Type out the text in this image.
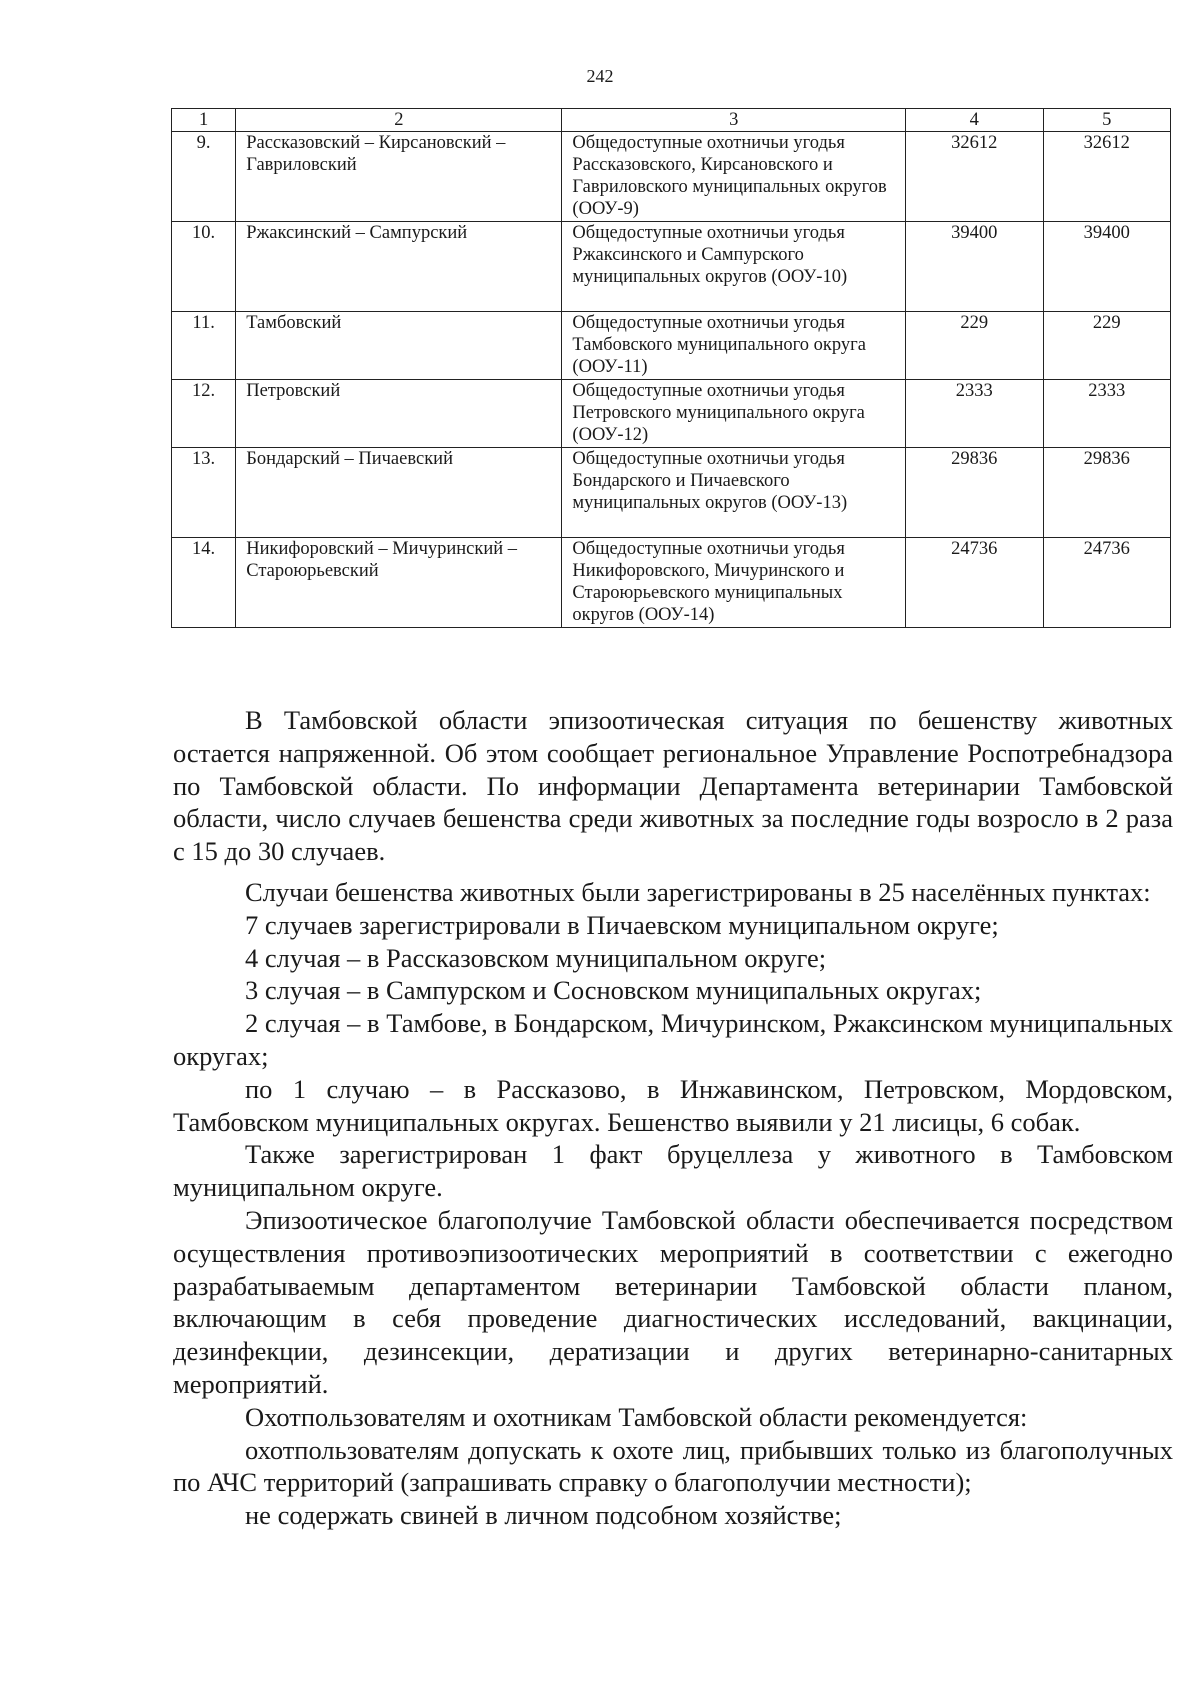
242
1	2	3	4	5
9.	Рассказовский – Кирсановский – Гавриловский	Общедоступные охотничьи угодья Рассказовского, Кирсановского и Гавриловского муниципальных округов (ООУ-9)	32612	32612
10.	Ржаксинский – Сампурский	Общедоступные охотничьи угодья Ржаксинского и Сампурского муниципальных округов (ООУ-10)	39400	39400
11.	Тамбовский	Общедоступные охотничьи угодья Тамбовского муниципального округа (ООУ-11)	229	229
12.	Петровский	Общедоступные охотничьи угодья Петровского муниципального округа (ООУ-12)	2333	2333
13.	Бондарский – Пичаевский	Общедоступные охотничьи угодья Бондарского и Пичаевского муниципальных округов (ООУ-13)	29836	29836
14.	Никифоровский – Мичуринский – Староюрьевский	Общедоступные охотничьи угодья Никифоровского, Мичуринского и Староюрьевского муниципальных округов (ООУ-14)	24736	24736

В Тамбовской области эпизоотическая ситуация по бешенству животных остается напряженной. Об этом сообщает региональное Управление Роспотребнадзора по Тамбовской области. По информации Департамента ветеринарии Тамбовской области, число случаев бешенства среди животных за последние годы возросло в 2 раза с 15 до 30 случаев.

Случаи бешенства животных были зарегистрированы в 25 населённых пунктах:

7 случаев зарегистрировали в Пичаевском муниципальном округе;

4 случая – в Рассказовском муниципальном округе;

3 случая – в Сампурском и Сосновском муниципальных округах;

2 случая – в Тамбове, в Бондарском, Мичуринском, Ржаксинском муниципальных округах;

по 1 случаю – в Рассказово, в Инжавинском, Петровском, Мордовском, Тамбовском муниципальных округах. Бешенство выявили у 21 лисицы, 6 собак.

Также зарегистрирован 1 факт бруцеллеза у животного в Тамбовском муниципальном округе.

Эпизоотическое благополучие Тамбовской области обеспечивается посредством осуществления противоэпизоотических мероприятий в соответствии с ежегодно разрабатываемым департаментом ветеринарии Тамбовской области планом, включающим в себя проведение диагностических исследований, вакцинации, дезинфекции, дезинсекции, дератизации и других ветеринарно-санитарных мероприятий.

Охотпользователям и охотникам Тамбовской области рекомендуется:

охотпользователям допускать к охоте лиц, прибывших только из благополучных по АЧС территорий (запрашивать справку о благополучии местности);

не содержать свиней в личном подсобном хозяйстве;
